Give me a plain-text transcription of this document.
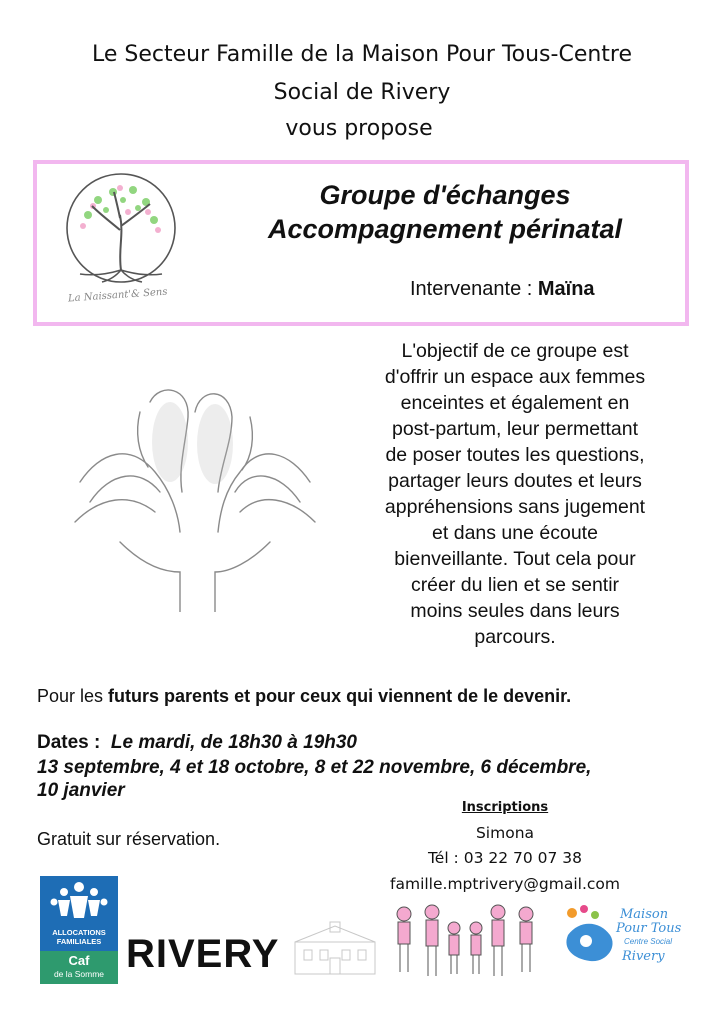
Le Secteur Famille de la Maison Pour Tous-Centre
Social de Rivery
vous propose
La Naissant'& Sens
Groupe d'échanges
Accompagnement périnatal
Intervenante : Maïna
L'objectif de ce groupe est
d'offrir un espace aux femmes
enceintes et également en
post-partum, leur permettant
de poser toutes les questions,
partager leurs doutes et leurs
appréhensions sans jugement
et dans une écoute
bienveillante. Tout cela pour
créer du lien et se sentir
moins seules dans leurs
parcours.
Pour les futurs parents et pour ceux qui viennent de le devenir.
Dates : Le mardi, de 18h30 à 19h30
13 septembre, 4 et 18 octobre, 8 et 22 novembre, 6 décembre,
10 janvier
Gratuit sur réservation.
Inscriptions
Simona
Tél : 03 22 70 07 38
famille.mptrivery@gmail.com
ALLOCATIONS
FAMILIALES
Caf
de la Somme RIVERY
Maison
Pour Tous
Centre Social
Rivery
